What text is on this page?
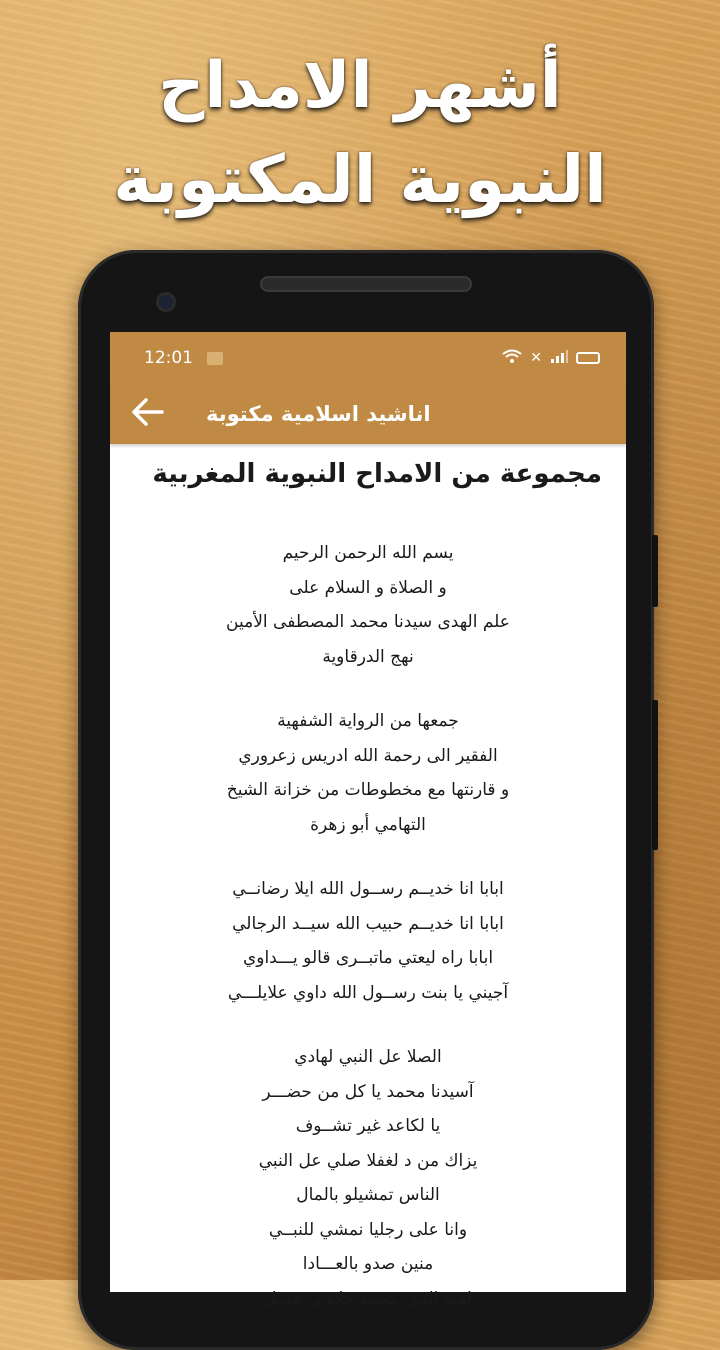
أشهر الامداح
النبوية المكتوبة
12:01	✕
اناشيد اسلامية مكتوبة
مجموعة من الامداح النبوية المغربية
يسم الله الرحمن الرحيم
و الصلاة و السلام على
علم الهدى سيدنا محمد المصطفى الأمين
نهج الدرقاوية
جمعها من الرواية الشفهية
الفقير الى رحمة الله ادريس زعروري
و قارنتها مع مخطوطات من خزانة الشيخ
التهامي أبو زهرة
ابابا انا خديــم رســول الله ايلا رضانــي
ابابا انا خديــم حبيب الله سيــد الرجالي
ابابا راه ليعتي ماتبــرى قالو يـــداوي
آجيني يا بنت رســول الله داوي علايلـــي
الصلا عل النبي لهادي
آسيدنا محمد يا كل من حضـــر
يا لكاعد غير تشــوف
يزاك من د لغفلا صلي عل النبي
الناس تمشيلو بالمال
وانا على رجليا نمشي للنبــي
منين صدو بالعـــادا
لقبة النبي محمد خلاوني هبيـل
